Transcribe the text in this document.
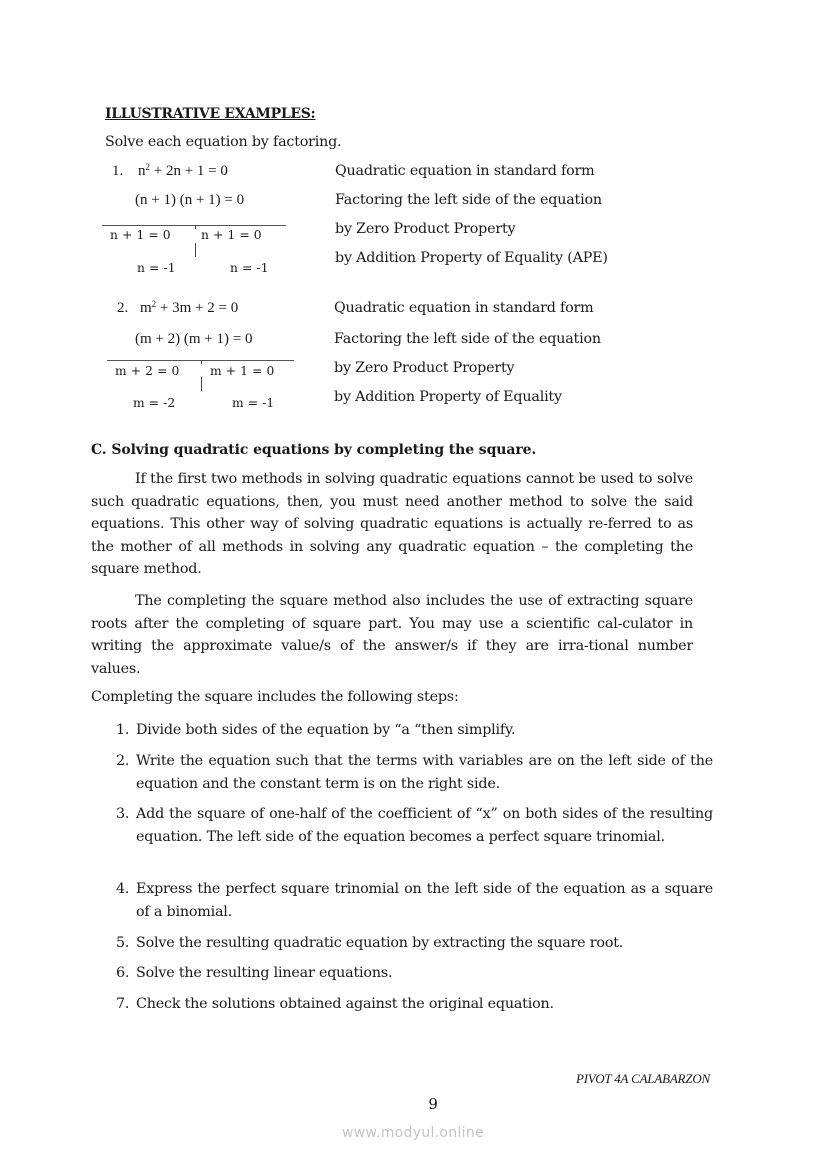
ILLUSTRATIVE EXAMPLES:
Solve each equation by factoring.
1. $n^2 + 2n + 1 = 0$
(n + 1) (n + 1) = 0
n + 1 = 0 n + 1 = 0
n = -1	n = -1
Quadratic equation in standard form
Factoring the left side of the equation
by Zero Product Property
by Addition Property of Equality (APE)
2. $m^2 + 3m + 2 = 0$
(m + 2) (m + 1) = 0
m + 2 = 0 m + 1 = 0
m = -2	m = -1
Quadratic equation in standard form
Factoring the left side of the equation
by Zero Product Property
by Addition Property of Equality
C. Solving quadratic equations by completing the square.
If the first two methods in solving quadratic equations cannot be used to solve such quadratic equations, then, you must need another method to solve the said equations. This other way of solving quadratic equations is actually re-ferred to as the mother of all methods in solving any quadratic equation – the completing the square method.
The completing the square method also includes the use of extracting square roots after the completing of square part. You may use a scientific cal-culator in writing the approximate value/s of the answer/s if they are irra-tional number values.
Completing the square includes the following steps:
1. Divide both sides of the equation by “a “then simplify.
2. Write the equation such that the terms with variables are on the left side of the equation and the constant term is on the right side.
3. Add the square of one-half of the coefficient of “x” on both sides of the resulting equation. The left side of the equation becomes a perfect square trinomial.
4. Express the perfect square trinomial on the left side of the equation as a square of a binomial.
5. Solve the resulting quadratic equation by extracting the square root.
6. Solve the resulting linear equations.
7. Check the solutions obtained against the original equation.
PIVOT 4A CALABARZON
9
www.modyul.online
